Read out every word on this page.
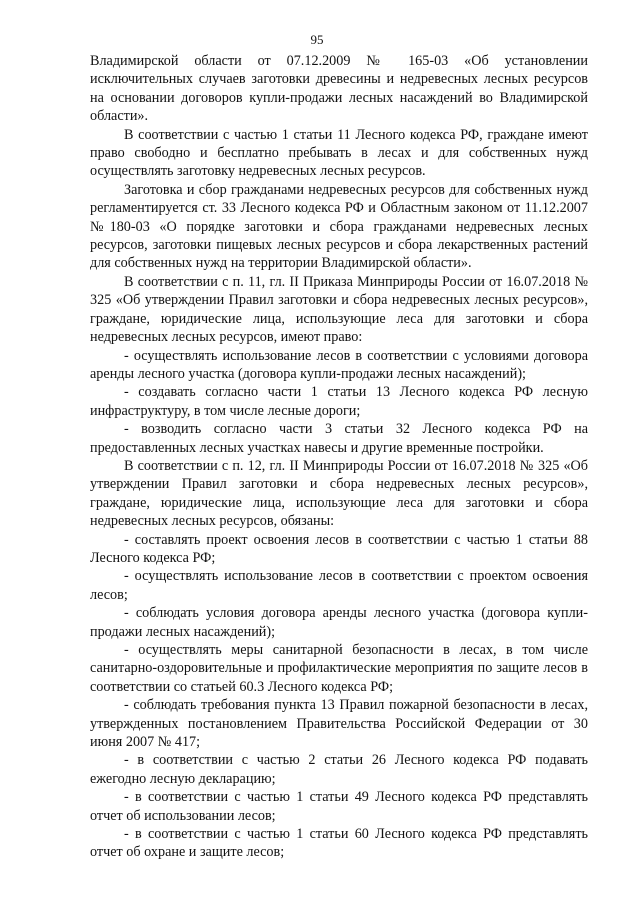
95

Владимирской области от 07.12.2009 № 165-03 «Об установлении исключительных случаев заготовки древесины и недревесных лесных ресурсов на основании договоров купли-продажи лесных насаждений во Владимирской области».

В соответствии с частью 1 статьи 11 Лесного кодекса РФ, граждане имеют право свободно и бесплатно пребывать в лесах и для собственных нужд осуществлять заготовку недревесных лесных ресурсов.

Заготовка и сбор гражданами недревесных ресурсов для собственных нужд регламентируется ст. 33 Лесного кодекса РФ и Областным законом от 11.12.2007 №180-03 «О порядке заготовки и сбора гражданами недревесных лесных ресурсов, заготовки пищевых лесных ресурсов и сбора лекарственных растений для собственных нужд на территории Владимирской области».

В соответствии с п. 11, гл. II Приказа Минприроды России от 16.07.2018 № 325 «Об утверждении Правил заготовки и сбора недревесных лесных ресурсов», граждане, юридические лица, использующие леса для заготовки и сбора недревесных лесных ресурсов, имеют право:

- осуществлять использование лесов в соответствии с условиями договора аренды лесного участка (договора купли-продажи лесных насаждений);

- создавать согласно части 1 статьи 13 Лесного кодекса РФ лесную инфраструктуру, в том числе лесные дороги;

- возводить согласно части 3 статьи 32 Лесного кодекса РФ на предоставленных лесных участках навесы и другие временные постройки.

В соответствии с п. 12, гл. II Минприроды России от 16.07.2018 № 325 «Об утверждении Правил заготовки и сбора недревесных лесных ресурсов», граждане, юридические лица, использующие леса для заготовки и сбора недревесных лесных ресурсов, обязаны:

- составлять проект освоения лесов в соответствии с частью 1 статьи 88 Лесного кодекса РФ;

- осуществлять использование лесов в соответствии с проектом освоения лесов;

- соблюдать условия договора аренды лесного участка (договора купли-продажи лесных насаждений);

- осуществлять меры санитарной безопасности в лесах, в том числе санитарно-оздоровительные и профилактические мероприятия по защите лесов в соответствии со статьей 60.3 Лесного кодекса РФ;

- соблюдать требования пункта 13 Правил пожарной безопасности в лесах, утвержденных постановлением Правительства Российской Федерации от 30 июня 2007 № 417;

- в соответствии с частью 2 статьи 26 Лесного кодекса РФ подавать ежегодно лесную декларацию;

- в соответствии с частью 1 статьи 49 Лесного кодекса РФ представлять отчет об использовании лесов;

- в соответствии с частью 1 статьи 60 Лесного кодекса РФ представлять отчет об охране и защите лесов;
